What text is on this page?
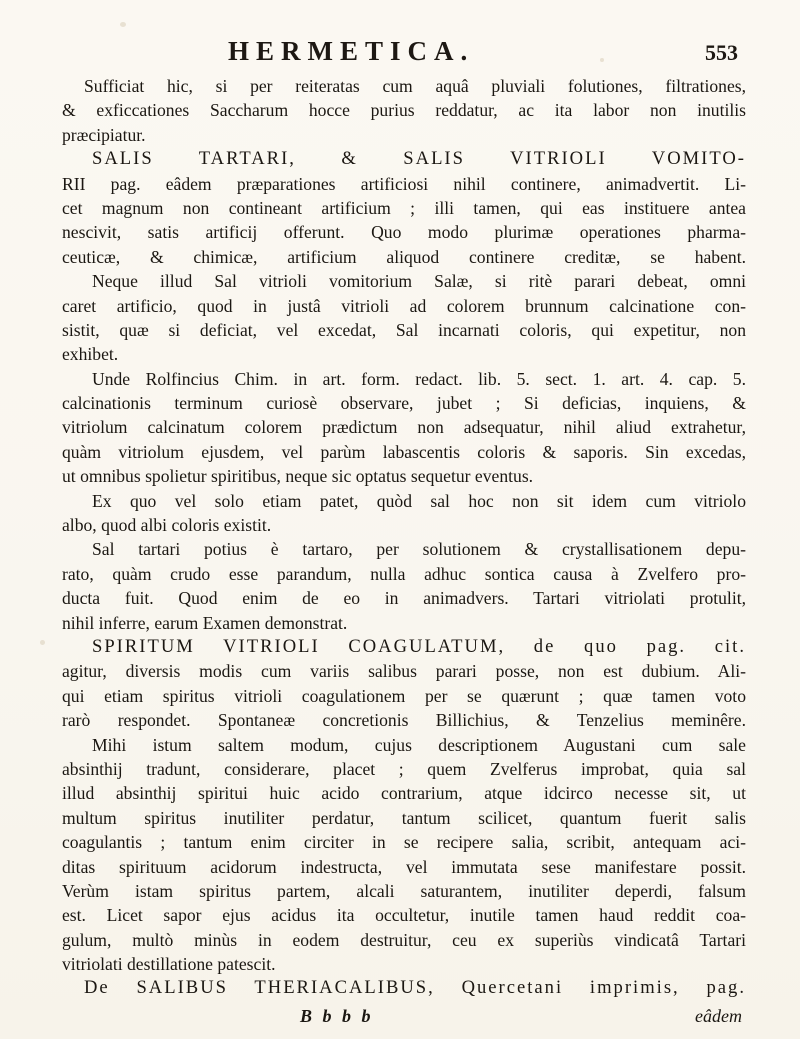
HERMETICA.	553
Sufficiat hic, si per reiteratas cum aquâ pluviali folutiones, filtrationes,
& exficcationes Saccharum hocce purius reddatur, ac ita labor non inutilis
præcipiatur.
SALIS TARTARI, & SALIS VITRIOLI VOMITO-
RII pag. eâdem præparationes artificiosi nihil continere, animadvertit. Li-
cet magnum non contineant artificium ; illi tamen, qui eas instituere antea
nescivit, satis artificij offerunt. Quo modo plurimæ operationes pharma-
ceuticæ, & chimicæ, artificium aliquod continere creditæ, se habent.
Neque illud Sal vitrioli vomitorium Salæ, si ritè parari debeat, omni
caret artificio, quod in justâ vitrioli ad colorem brunnum calcinatione con-
sistit, quæ si deficiat, vel excedat, Sal incarnati coloris, qui expetitur, non
exhibet.
Unde Rolfincius Chim. in art. form. redact. lib. 5. sect. 1. art. 4. cap. 5.
calcinationis terminum curiosè observare, jubet ; Si deficias, inquiens, &
vitriolum calcinatum colorem prædictum non adsequatur, nihil aliud extrahetur,
quàm vitriolum ejusdem, vel parùm labascentis coloris & saporis. Sin excedas,
ut omnibus spolietur spiritibus, neque sic optatus sequetur eventus.
Ex quo vel solo etiam patet, quòd sal hoc non sit idem cum vitriolo
albo, quod albi coloris existit.
Sal tartari potius è tartaro, per solutionem & crystallisationem depu-
rato, quàm crudo esse parandum, nulla adhuc sontica causa à Zvelfero pro-
ducta fuit. Quod enim de eo in animadvers. Tartari vitriolati protulit,
nihil inferre, earum Examen demonstrat.
SPIRITUM VITRIOLI COAGULATUM, de quo pag. cit.
agitur, diversis modis cum variis salibus parari posse, non est dubium. Ali-
qui etiam spiritus vitrioli coagulationem per se quærunt ; quæ tamen voto
rarò respondet. Spontaneæ concretionis Billichius, & Tenzelius meminêre.
Mihi istum saltem modum, cujus descriptionem Augustani cum sale
absinthij tradunt, considerare, placet ; quem Zvelferus improbat, quia sal
illud absinthij spiritui huic acido contrarium, atque idcirco necesse sit, ut
multum spiritus inutiliter perdatur, tantum scilicet, quantum fuerit salis
coagulantis ; tantum enim circiter in se recipere salia, scribit, antequam aci-
ditas spirituum acidorum indestructa, vel immutata sese manifestare possit.
Verùm istam spiritus partem, alcali saturantem, inutiliter deperdi, falsum
est. Licet sapor ejus acidus ita occultetur, inutile tamen haud reddit coa-
gulum, multò minùs in eodem destruitur, ceu ex superiùs vindicatâ Tartari
vitriolati destillatione patescit.
De SALIBUS THERIACALIBUS, Quercetani imprimis, pag.
B b b b	eâdem
